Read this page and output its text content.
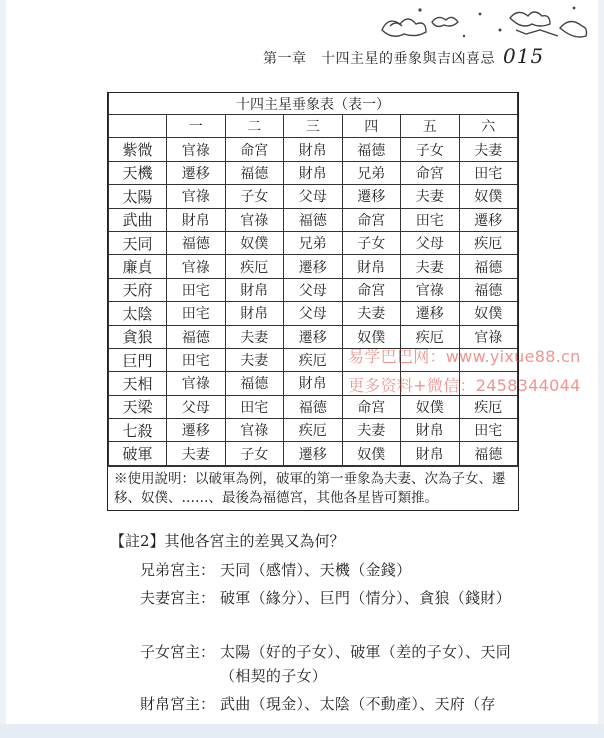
第一章　十四主星的垂象與吉凶喜忌 015
十四主星垂象表（表一）						
	一	二	三	四	五	六
紫微	官祿	命宮	財帛	福德	子女	夫妻
天機	遷移	福德	財帛	兄弟	命宮	田宅
太陽	官祿	子女	父母	遷移	夫妻	奴僕
武曲	財帛	官祿	福德	命宮	田宅	遷移
天同	福德	奴僕	兄弟	子女	父母	疾厄
廉貞	官祿	疾厄	遷移	財帛	夫妻	福德
天府	田宅	財帛	父母	命宮	官祿	福德
太陰	田宅	財帛	父母	夫妻	遷移	奴僕
貪狼	福德	夫妻	遷移	奴僕	疾厄	官祿
巨門	田宅	夫妻	疾厄			
天相	官祿	福德	財帛			
天梁	父母	田宅	福德	命宮	奴僕	疾厄
七殺	遷移	官祿	疾厄	夫妻	財帛	田宅
破軍	夫妻	子女	遷移	奴僕	財帛	福德
※使用說明：以破軍為例，破軍的第一垂象為夫妻、次為子女、遷移、奴僕、……、最後為福德宮，其他各星皆可類推。
【註2】其他各宮主的差異又為何？
兄弟宮主： 天同（感情）、天機（金錢）
夫妻宮主： 破軍（緣分）、巨門（情分）、貪狼（錢財）
子女宮主： 太陽（好的子女）、破軍（差的子女）、天同（相契的子女）
財帛宮主： 武曲（現金）、太陰（不動產）、天府（存
易学巴巴网：www.yixue88.cn
更多资料+微信：2458344044
